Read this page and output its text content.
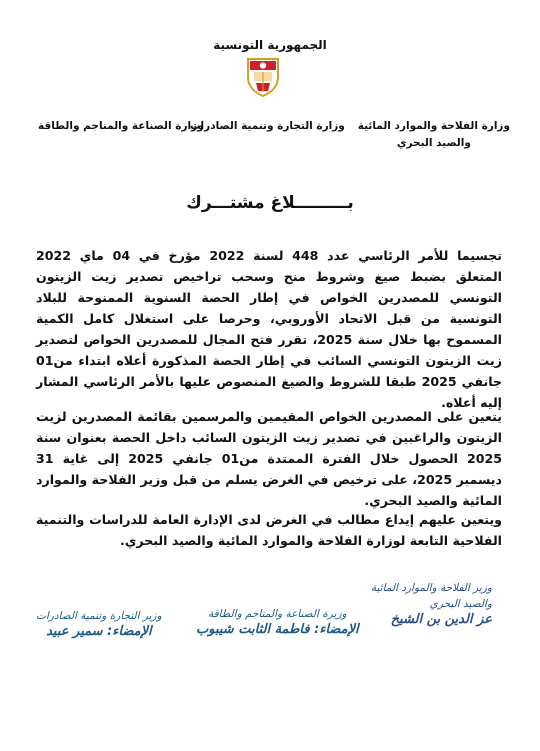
الجمهورية التونسية
وزارة الفلاحة والموارد المائية
والصيد البحري
وزارة التجارة وتنمية الصادرات
وزارة الصناعة والمناجم والطاقة
بـــــــــلاغ مشتـــرك

تجسيما للأمر الرئاسي عدد 448 لسنة 2022 مؤرخ في 04 ماي 2022 المتعلق بضبط صيغ وشروط منح وسحب تراخيص تصدير زيت الزيتون التونسي للمصدرين الخواص في إطار الحصة السنوية الممنوحة للبلاد التونسية من قبل الاتحاد الأوروبي، وحرصا على استغلال كامل الكمية المسموح بها خلال سنة 2025، تقرر فتح المجال للمصدرين الخواص لتصدير زيت الزيتون التونسي السائب في إطار الحصة المذكورة أعلاه ابتداء من01 جانفي 2025 طبقا للشروط والصيغ المنصوص عليها بالأمر الرئاسي المشار إليه أعلاه.

يتعين على المصدرين الخواص المقيمين والمرسمين بقائمة المصدرين لزيت الزيتون والراغبين في تصدير زيت الزيتون السائب داخل الحصة بعنوان سنة 2025 الحصول خلال الفترة الممتدة من01 جانفي 2025 إلى غاية 31 ديسمبر 2025، على ترخيص في الغرض يسلم من قبل وزير الفلاحة والموارد المائية والصيد البحري.

ويتعين عليهم إيداع مطالب في الغرض لدى الإدارة العامة للدراسات والتنمية الفلاحية التابعة لوزارة الفلاحة والموارد المائية والصيد البحري.

وزير الفلاحة والموارد المائية
والصيد البحري
عز الدين بن الشيخ
وزيرة الصناعة والمناجم والطاقة
الإمضاء: فاطمة الثابت شيبوب
وزير التجارة وتنمية الصادرات
الإمضاء: سمير عبيد
